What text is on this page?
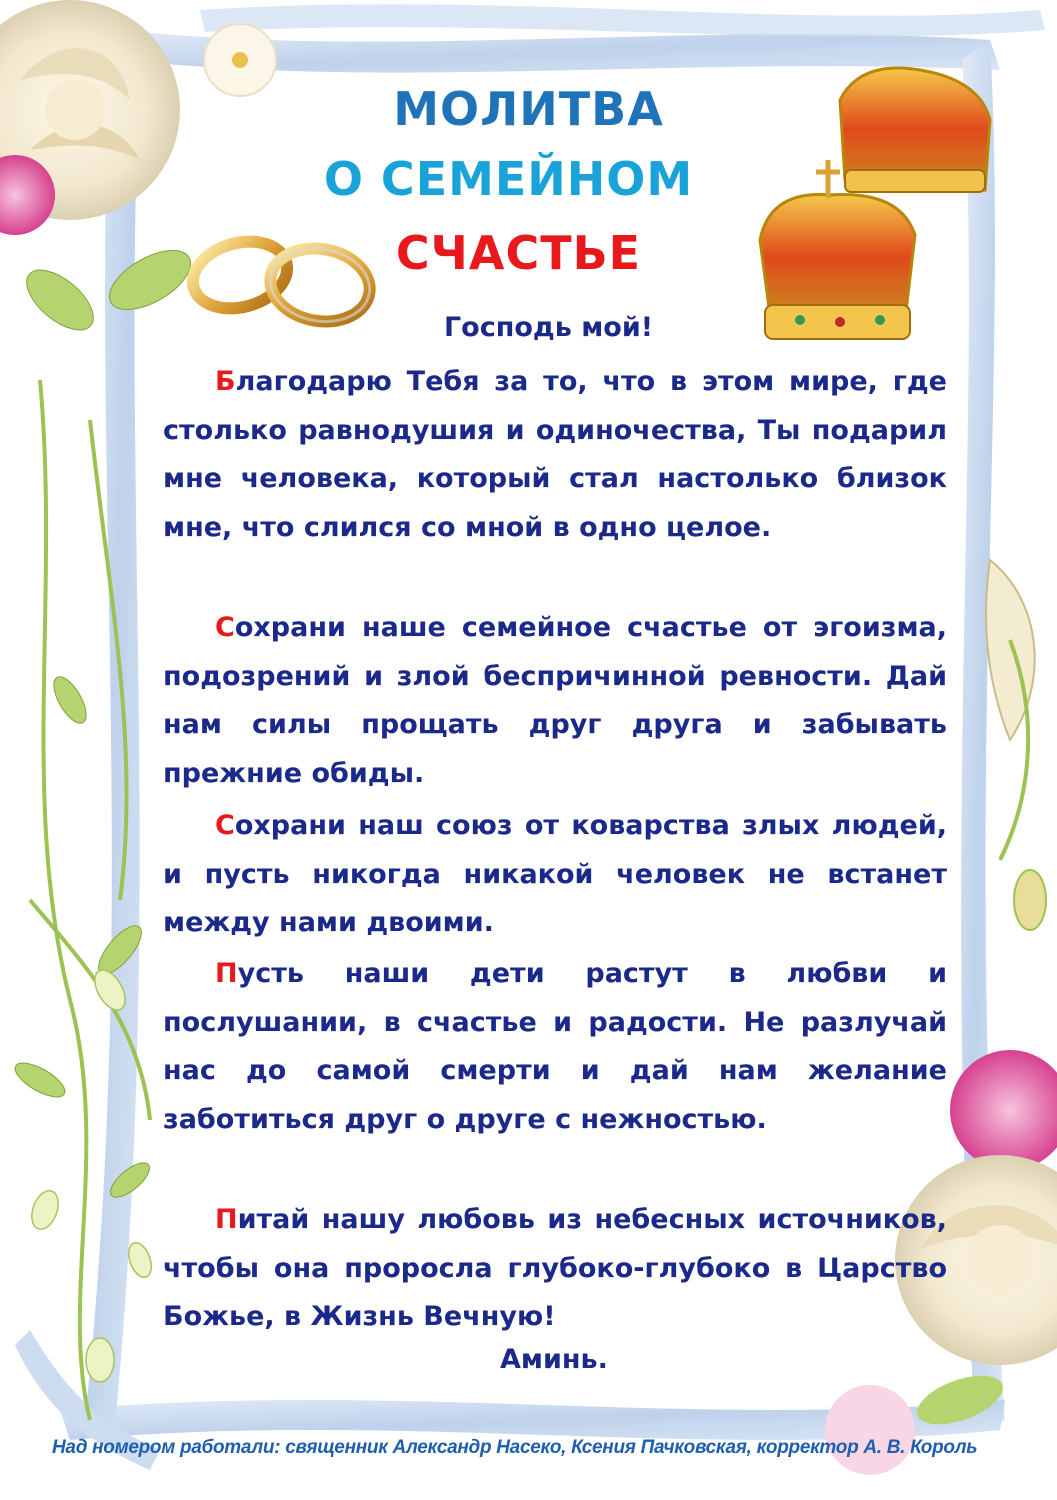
МОЛИТВА
О СЕМЕЙНОМ
СЧАСТЬЕ
Господь мой!

Благодарю Тебя за то, что в этом мире, где столько равнодушия и одиночества, Ты подарил мне человека, который стал настолько близок мне, что слился со мной в одно целое.

Сохрани наше семейное счастье от эгоизма, подозрений и злой беспричинной ревности. Дай нам силы прощать друг друга и забывать прежние обиды.

Сохрани наш союз от коварства злых людей, и пусть никогда никакой человек не встанет между нами двоими.

Пусть наши дети растут в любви и послушании, в счастье и радости. Не разлучай нас до самой смерти и дай нам желание заботиться друг о друге с нежностью.

Питай нашу любовь из небесных источников, чтобы она проросла глубоко-глубоко в Царство Божье, в Жизнь Вечную!

Аминь.
Над номером работали: священник Александр Насеко, Ксения Пачковская, корректор А. В. Король
